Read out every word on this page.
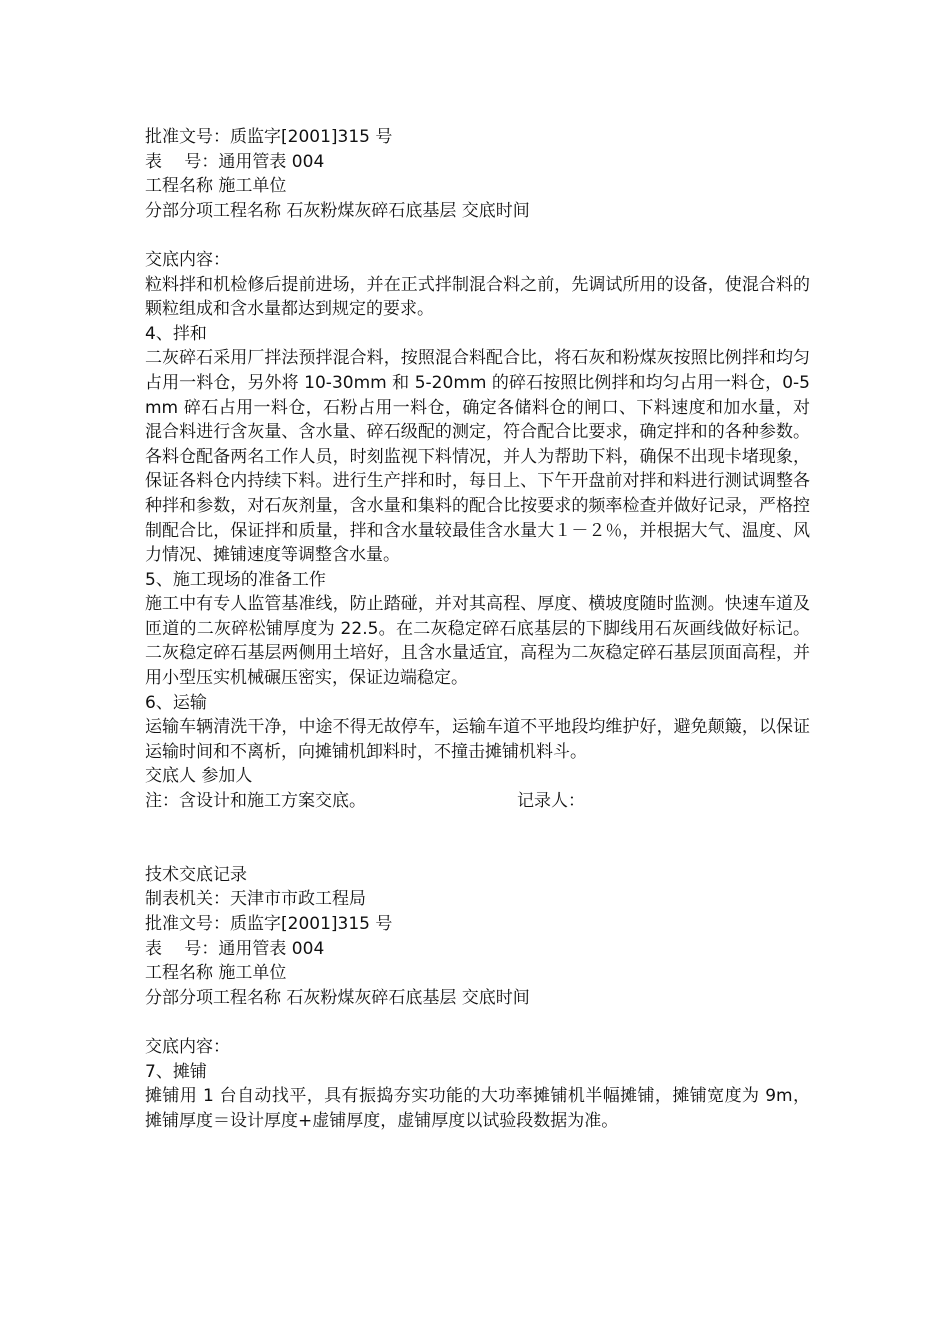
批准文号：质监字[2001]315 号
表　 号：通用管表 004
工程名称 施工单位
分部分项工程名称 石灰粉煤灰碎石底基层 交底时间
交底内容：
粒料拌和机检修后提前进场，并在正式拌制混合料之前，先调试所用的设备，使混合料的颗粒组成和含水量都达到规定的要求。
4、拌和
二灰碎石采用厂拌法预拌混合料，按照混合料配合比，将石灰和粉煤灰按照比例拌和均匀占用一料仓，另外将 10-30mm 和 5-20mm 的碎石按照比例拌和均匀占用一料仓，0-5mm 碎石占用一料仓，石粉占用一料仓，确定各储料仓的闸口、下料速度和加水量，对混合料进行含灰量、含水量、碎石级配的测定，符合配合比要求，确定拌和的各种参数。各料仓配备两名工作人员，时刻监视下料情况，并人为帮助下料，确保不出现卡堵现象，保证各料仓内持续下料。进行生产拌和时，每日上、下午开盘前对拌和料进行测试调整各种拌和参数，对石灰剂量，含水量和集料的配合比按要求的频率检查并做好记录，严格控制配合比，保证拌和质量，拌和含水量较最佳含水量大１－２％，并根据大气、温度、风力情况、摊铺速度等调整含水量。
5、施工现场的准备工作
施工中有专人监管基准线，防止踏碰，并对其高程、厚度、横坡度随时监测。快速车道及匝道的二灰碎松铺厚度为 22.5。在二灰稳定碎石底基层的下脚线用石灰画线做好标记。二灰稳定碎石基层两侧用土培好，且含水量适宜，高程为二灰稳定碎石基层顶面高程，并用小型压实机械碾压密实，保证边端稳定。
6、运输
运输车辆清洗干净，中途不得无故停车，运输车道不平地段均维护好，避免颠簸，以保证运输时间和不离析，向摊铺机卸料时，不撞击摊铺机料斗。
交底人 参加人
注：含设计和施工方案交底。	记录人：
技术交底记录
制表机关：天津市市政工程局
批准文号：质监字[2001]315 号
表　 号：通用管表 004
工程名称 施工单位
分部分项工程名称 石灰粉煤灰碎石底基层 交底时间
交底内容：
7、摊铺
摊铺用 1 台自动找平，具有振捣夯实功能的大功率摊铺机半幅摊铺，摊铺宽度为 9m，摊铺厚度＝设计厚度+虚铺厚度，虚铺厚度以试验段数据为准。
